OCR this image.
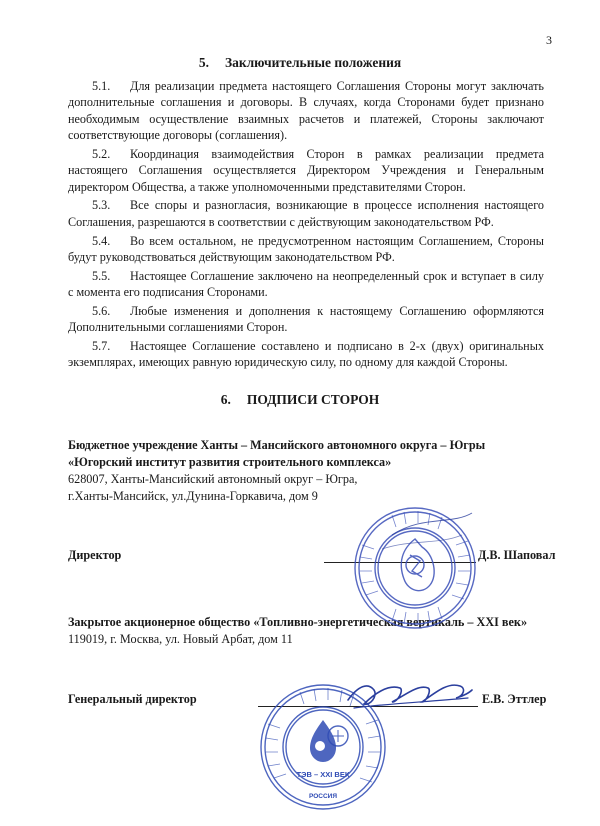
3
5. Заключительные положения

5.1. Для реализации предмета настоящего Соглашения Стороны могут заключать дополнительные соглашения и договоры. В случаях, когда Сторонами будет признано необходимым осуществление взаимных расчетов и платежей, Стороны заключают соответствующие договоры (соглашения).

5.2. Координация взаимодействия Сторон в рамках реализации предмета настоящего Соглашения осуществляется Директором Учреждения и Генеральным директором Общества, а также уполномоченными представителями Сторон.

5.3. Все споры и разногласия, возникающие в процессе исполнения настоящего Соглашения, разрешаются в соответствии с действующим законодательством РФ.

5.4. Во всем остальном, не предусмотренном настоящим Соглашением, Стороны будут руководствоваться действующим законодательством РФ.

5.5. Настоящее Соглашение заключено на неопределенный срок и вступает в силу с момента его подписания Сторонами.

5.6. Любые изменения и дополнения к настоящему Соглашению оформляются Дополнительными соглашениями Сторон.

5.7. Настоящее Соглашение составлено и подписано в 2-х (двух) оригинальных экземплярах, имеющих равную юридическую силу, по одному для каждой Стороны.

6. ПОДПИСИ СТОРОН
Бюджетное учреждение Ханты – Мансийского автономного округа – Югры
«Югорский институт развития строительного комплекса»
628007, Ханты-Мансийский автономный округ – Югра,
г.Ханты-Мансийск, ул.Дунина-Горкавича, дом 9
Директор	Д.В. Шаповал
Закрытое акционерное общество «Топливно-энергетическая вертикаль – XXI век»
119019, г. Москва, ул. Новый Арбат, дом 11
Генеральный директор	Е.В. Эттлер
ТЭВ – XXI ВЕК
РОССИЯ
